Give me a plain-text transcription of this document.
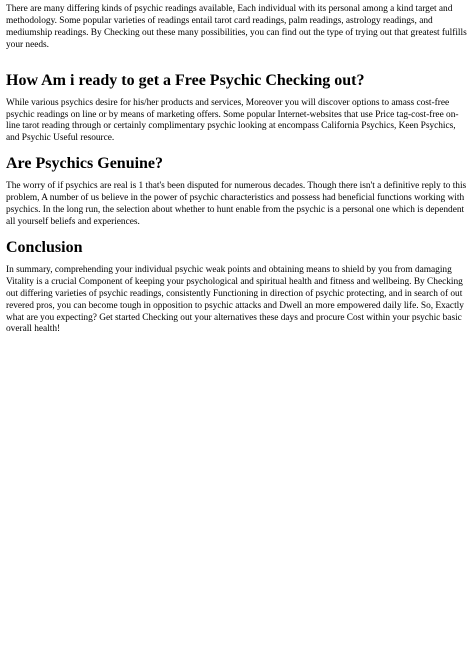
There are many differing kinds of psychic readings available, Each individual with its personal among a kind target and methodology. Some popular varieties of readings entail tarot card readings, palm readings, astrology readings, and mediumship readings. By Checking out these many possibilities, you can find out the type of trying out that greatest fulfills your needs.

How Am i ready to get a Free Psychic Checking out?

While various psychics desire for his/her products and services, Moreover you will discover options to amass cost-free psychic readings on line or by means of marketing offers. Some popular Internet-websites that use Price tag-cost-free on-line tarot reading through or certainly complimentary psychic looking at encompass California Psychics, Keen Psychics, and Psychic Useful resource.

Are Psychics Genuine?

The worry of if psychics are real is 1 that's been disputed for numerous decades. Though there isn't a definitive reply to this problem, A number of us believe in the power of psychic characteristics and possess had beneficial functions working with psychics. In the long run, the selection about whether to hunt enable from the psychic is a personal one which is dependent all yourself beliefs and experiences.

Conclusion

In summary, comprehending your individual psychic weak points and obtaining means to shield by you from damaging Vitality is a crucial Component of keeping your psychological and spiritual health and fitness and wellbeing. By Checking out differing varieties of psychic readings, consistently Functioning in direction of psychic protecting, and in search of out revered pros, you can become tough in opposition to psychic attacks and Dwell an more empowered daily life. So, Exactly what are you expecting? Get started Checking out your alternatives these days and procure Cost within your psychic basic overall health!
